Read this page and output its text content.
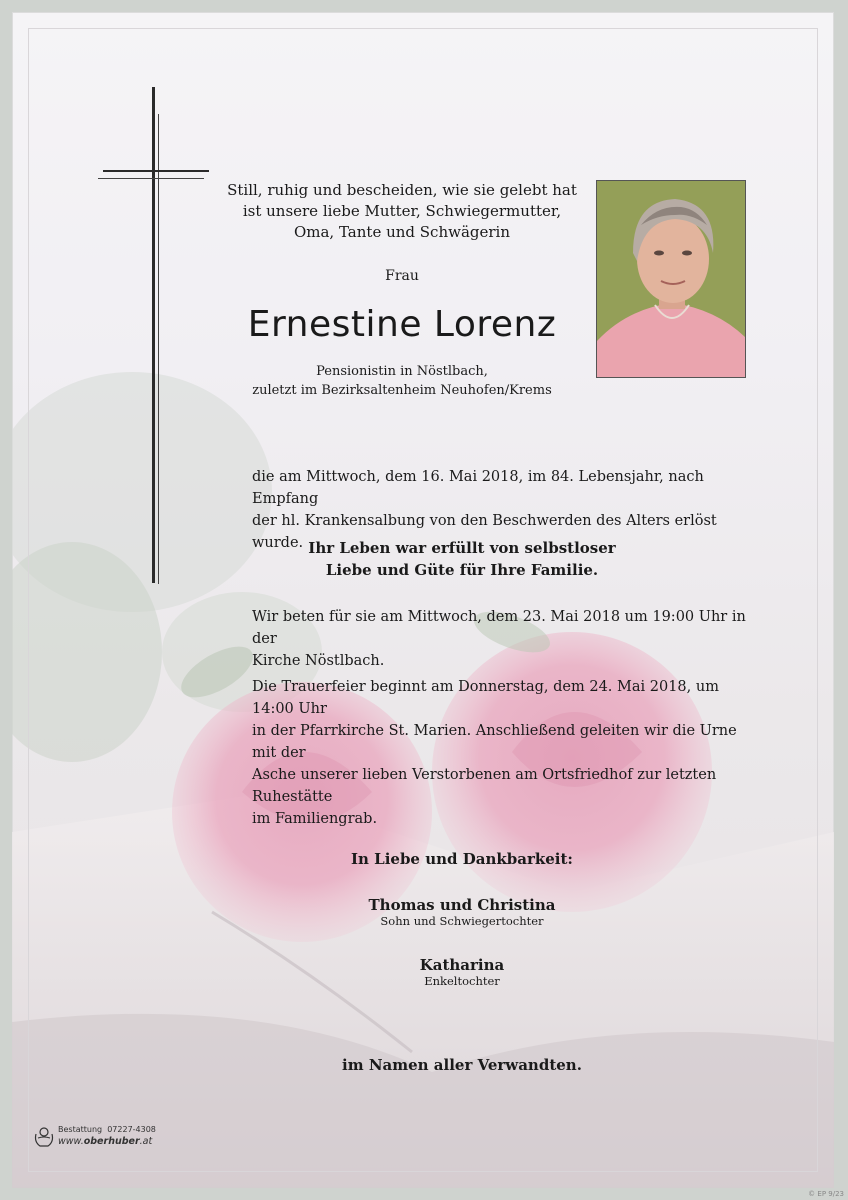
Still, ruhig und bescheiden, wie sie gelebt hat
ist unsere liebe Mutter, Schwiegermutter,
Oma, Tante und Schwägerin
Frau
Ernestine Lorenz
Pensionistin in Nöstlbach,
zuletzt im Bezirksaltenheim Neuhofen/Krems
die am Mittwoch, dem 16. Mai 2018, im 84. Lebensjahr, nach Empfang
der hl. Krankensalbung von den Beschwerden des Alters erlöst wurde. Ihr Leben war erfüllt von selbstloser
Liebe und Güte für Ihre Familie.
Wir beten für sie am Mittwoch, dem 23. Mai 2018 um 19:00 Uhr in der
Kirche Nöstlbach.
Die Trauerfeier beginnt am Donnerstag, dem 24. Mai 2018, um 14:00 Uhr
in der Pfarrkirche St. Marien. Anschließend geleiten wir die Urne mit der
Asche unserer lieben Verstorbenen am Ortsfriedhof zur letzten Ruhestätte
im Familiengrab.
In Liebe und Dankbarkeit:
Thomas und Christina
Sohn und Schwiegertochter
Katharina
Enkeltochter
im Namen aller Verwandten.
Bestattung 07227-4308
www.oberhuber.at
© EP 9/23
